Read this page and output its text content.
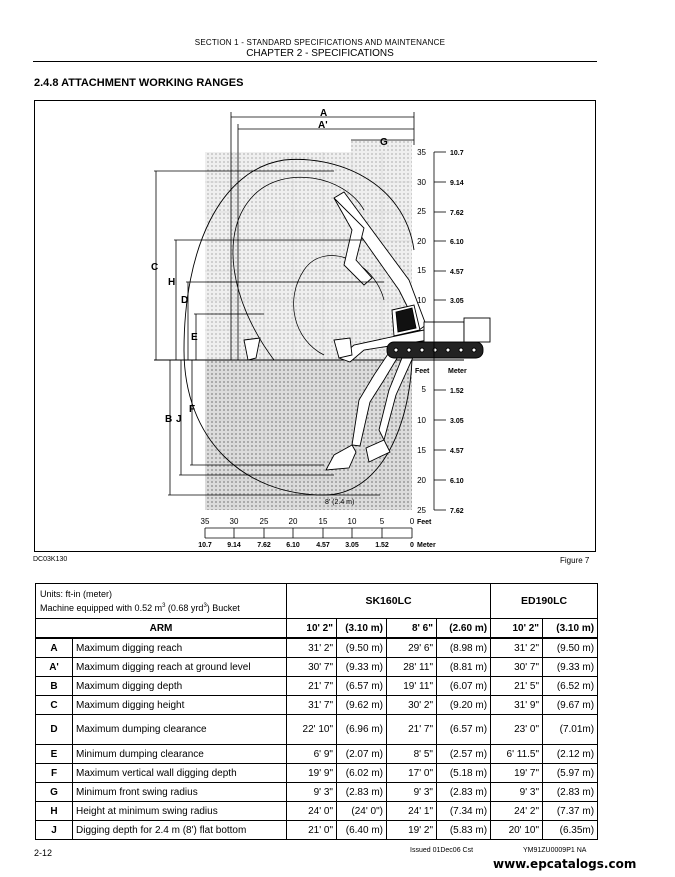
SECTION 1 - STANDARD SPECIFICATIONS AND MAINTENANCE
CHAPTER 2 - SPECIFICATIONS
2.4.8 ATTACHMENT WORKING RANGES
A
A'
G
C
H
D
E
B J
F
8' (2.4 m)
35
30
25
20
15
10
5
10
15
20
25
10.7
9.14
7.62
6.10
4.57
3.05
1.52
3.05
4.57
6.10
7.62
Feet	Meter
35	30	25	20	15	10	5	0
10.7 9.14 7.62 6.10 4.57 3.05 1.52	0
Feet
Meter
DC03K130	Figure 7
Units: ft-in (meter)
Machine equipped with 0.52 $m^3$ (0.68 yrd$^3$) Bucket		SK160LC				ED190LC	
ARM		10' 2"	(3.10 m)	8' 6"	(2.60 m)	10' 2"	(3.10 m)
A	Maximum digging reach	31' 2"	(9.50 m)	29' 6"	(8.98 m)	31' 2"	(9.50 m)
A'	Maximum digging reach at ground level	30' 7"	(9.33 m)	28' 11"	(8.81 m)	30' 7"	(9.33 m)
B	Maximum digging depth	21' 7"	(6.57 m)	19' 11"	(6.07 m)	21' 5"	(6.52 m)
C	Maximum digging height	31' 7"	(9.62 m)	30' 2"	(9.20 m)	31' 9"	(9.67 m)
D	Maximum dumping clearance	22' 10"	(6.96 m)	21' 7"	(6.57 m)	23' 0"	(7.01m)
E	Minimum dumping clearance	6' 9"	(2.07 m)	8' 5"	(2.57 m)	6' 11.5"	(2.12 m)
F	Maximum vertical wall digging depth	19' 9"	(6.02 m)	17' 0"	(5.18 m)	19' 7"	(5.97 m)
G	Minimum front swing radius	9' 3"	(2.83 m)	9' 3"	(2.83 m)	9' 3"	(2.83 m)
H	Height at minimum swing radius	24' 0"	(24' 0")	24' 1"	(7.34 m)	24' 2"	(7.37 m)
J	Digging depth for 2.4 m (8') flat bottom	21' 0"	(6.40 m)	19' 2"	(5.83 m)	20' 10"	(6.35m)
2-12	Issued 01Dec06 Cst	YM91ZU0009P1 NA
www.epcatalogs.com
